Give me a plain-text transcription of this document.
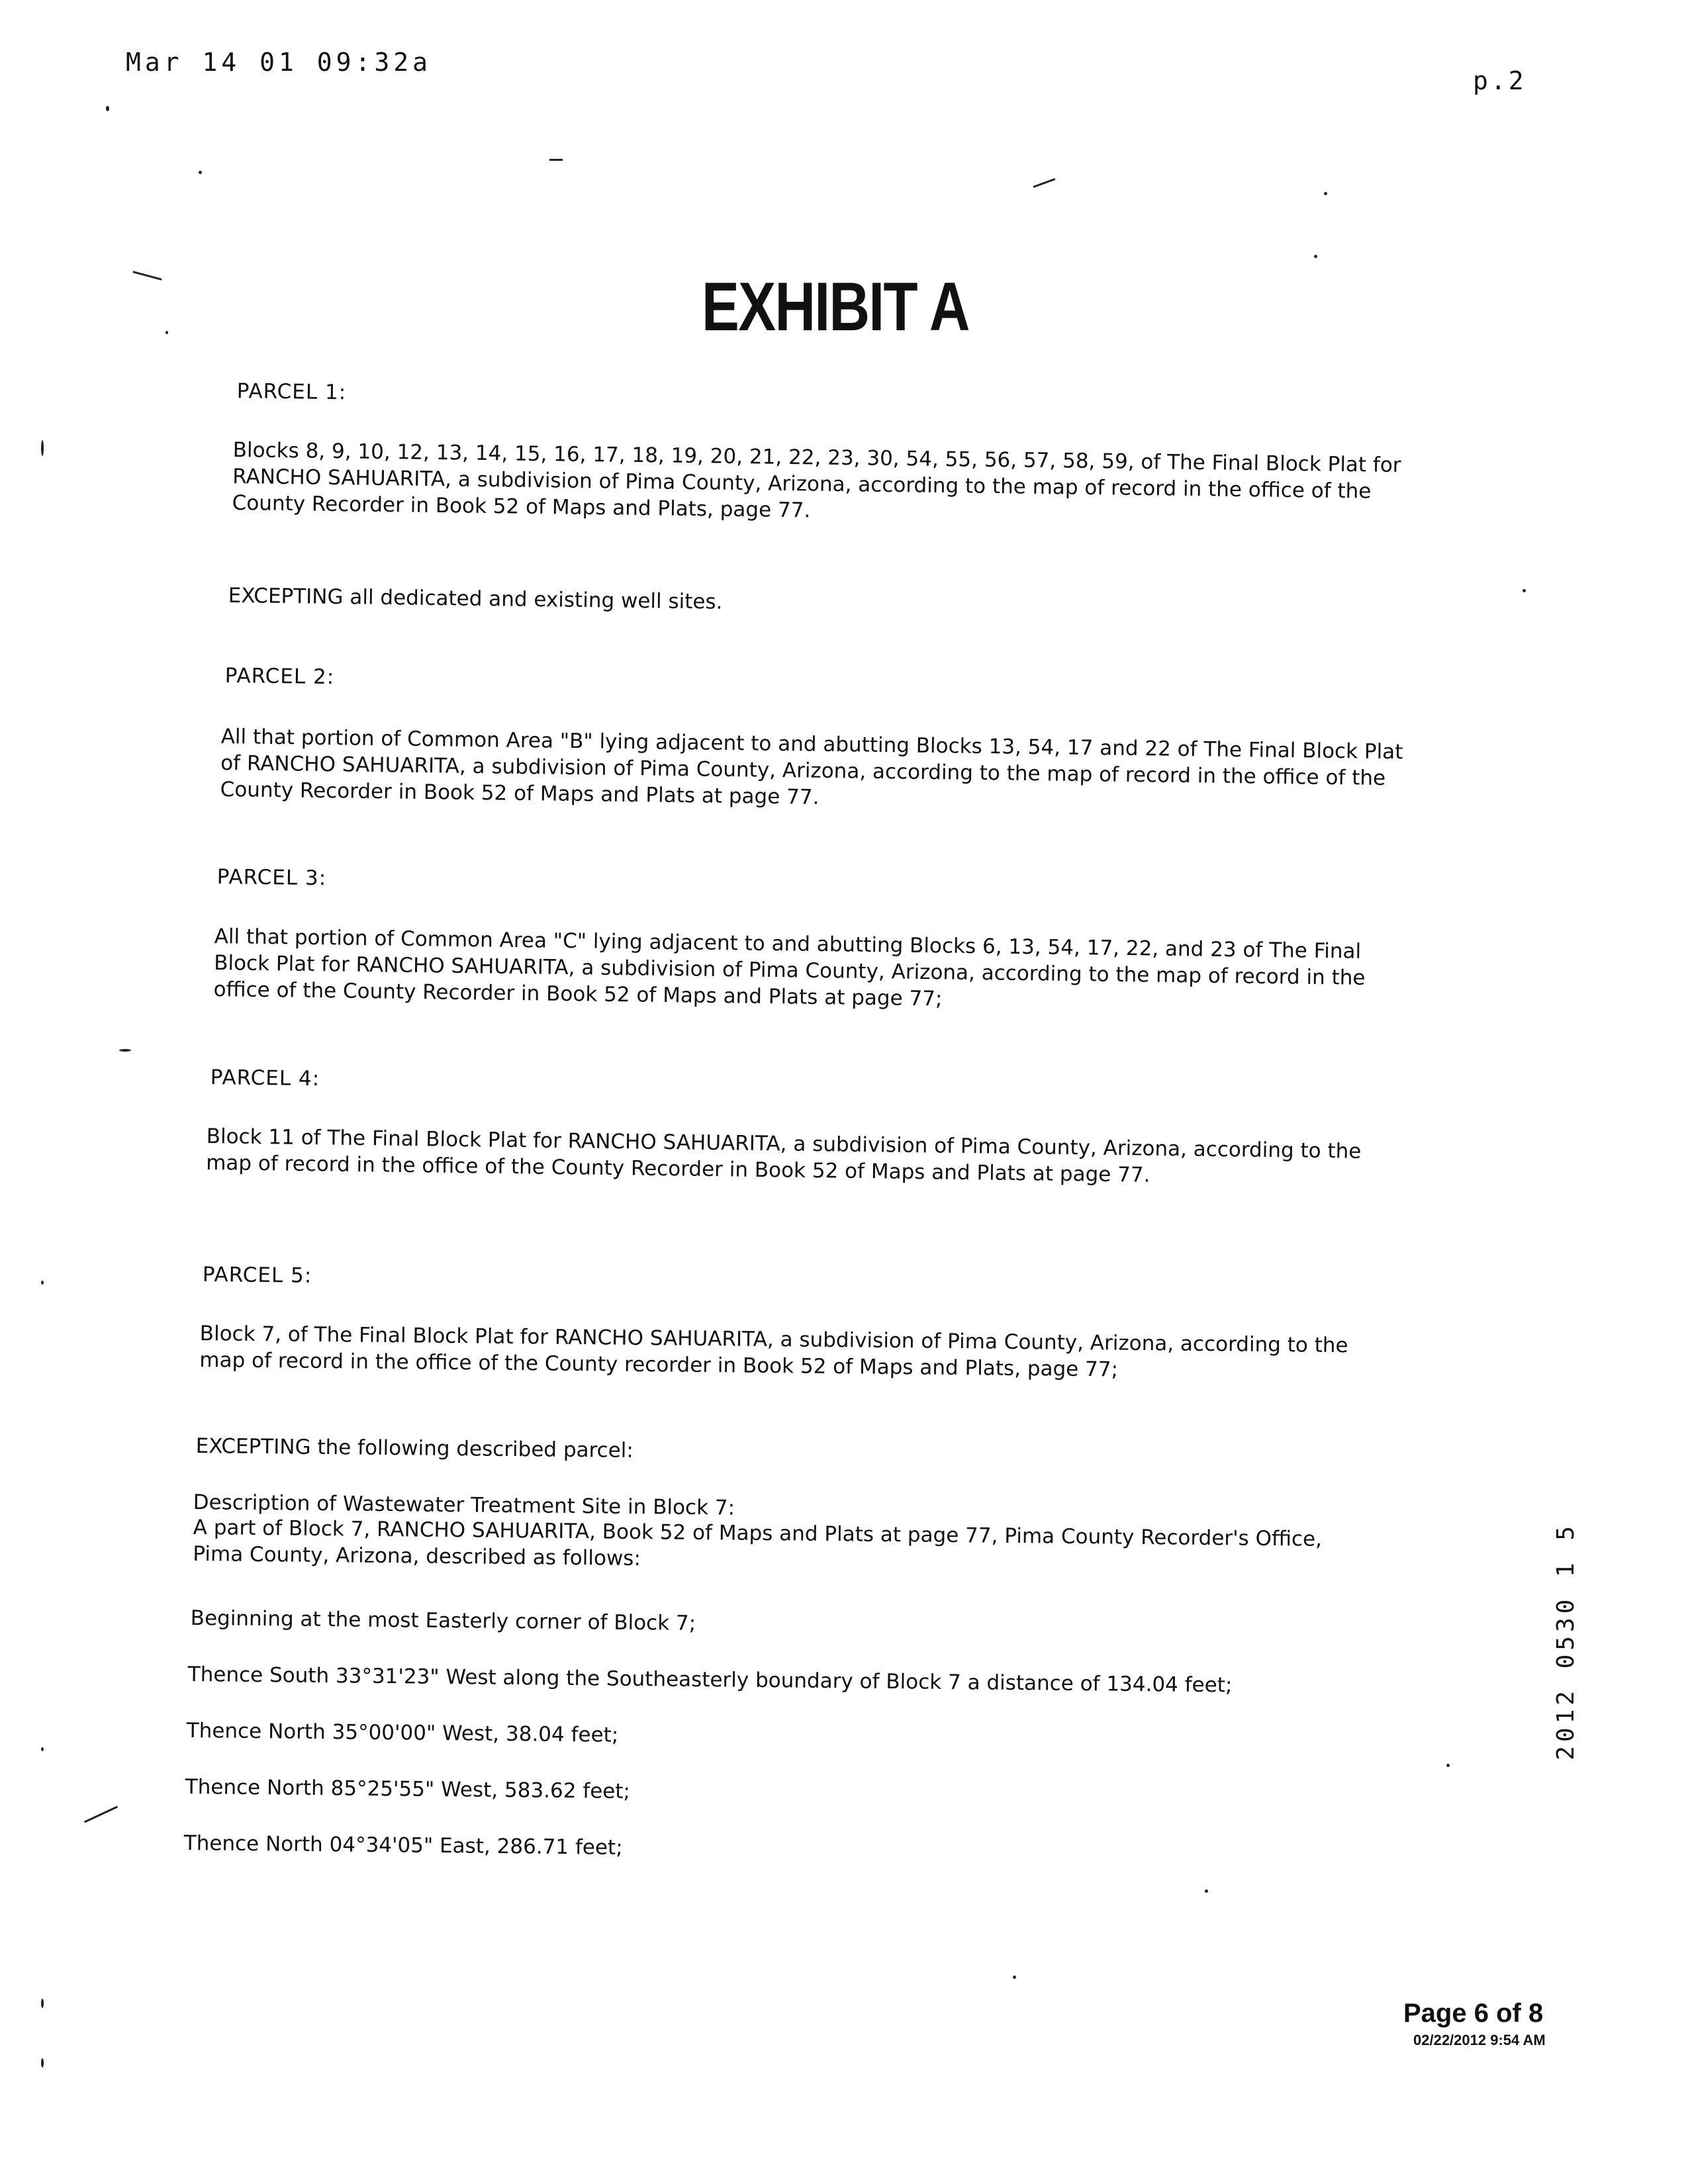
Mar 14 01 09:32a
p.2
EXHIBIT A
PARCEL 1:
Blocks 8, 9, 10, 12, 13, 14, 15, 16, 17, 18, 19, 20, 21, 22, 23, 30, 54, 55, 56, 57, 58, 59, of The Final Block Plat for RANCHO SAHUARITA, a subdivision of Pima County, Arizona, according to the map of record in the office of the County Recorder in Book 52 of Maps and Plats, page 77.
EXCEPTING all dedicated and existing well sites.
PARCEL 2:
All that portion of Common Area "B" lying adjacent to and abutting Blocks 13, 54, 17 and 22 of The Final Block Plat of RANCHO SAHUARITA, a subdivision of Pima County, Arizona, according to the map of record in the office of the County Recorder in Book 52 of Maps and Plats at page 77.
PARCEL 3:
All that portion of Common Area "C" lying adjacent to and abutting Blocks 6, 13, 54, 17, 22, and 23 of The Final Block Plat for RANCHO SAHUARITA, a subdivision of Pima County, Arizona, according to the map of record in the office of the County Recorder in Book 52 of Maps and Plats at page 77;
PARCEL 4:
Block 11 of The Final Block Plat for RANCHO SAHUARITA, a subdivision of Pima County, Arizona, according to the map of record in the office of the County Recorder in Book 52 of Maps and Plats at page 77.
PARCEL 5:
Block 7, of The Final Block Plat for RANCHO SAHUARITA, a subdivision of Pima County, Arizona, according to the map of record in the office of the County recorder in Book 52 of Maps and Plats, page 77;
EXCEPTING the following described parcel:
Description of Wastewater Treatment Site in Block 7:
A part of Block 7, RANCHO SAHUARITA, Book 52 of Maps and Plats at page 77, Pima County Recorder's Office, Pima County, Arizona, described as follows:
Beginning at the most Easterly corner of Block 7;
Thence South 33°31'23" West along the Southeasterly boundary of Block 7 a distance of 134.04 feet;
Thence North 35°00'00" West, 38.04 feet;
Thence North 85°25'55" West, 583.62 feet;
Thence North 04°34'05" East, 286.71 feet;
2012 0530 1 5
Page 6 of 8
02/22/2012 9:54 AM
